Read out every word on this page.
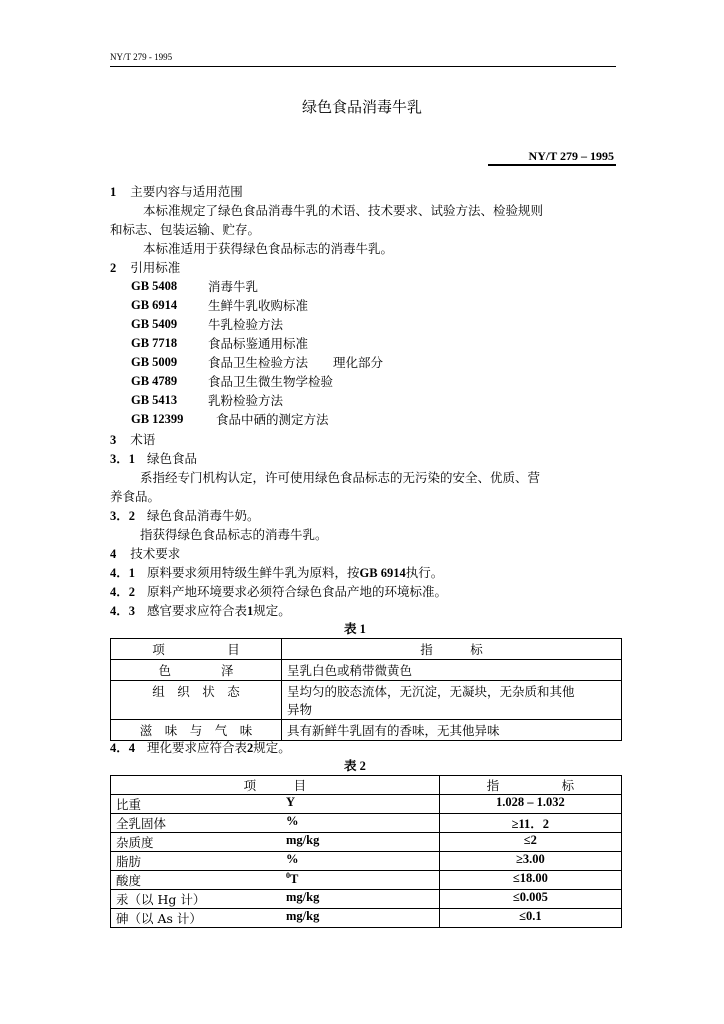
NY/T 279 - 1995
绿色食品消毒牛乳
NY/T 279 – 1995
1 主要内容与适用范围
本标准规定了绿色食品消毒牛乳的术语、技术要求、试验方法、检验规则
和标志、包装运输、贮存。
本标准适用于获得绿色食品标志的消毒牛乳。
2 引用标准
GB 5408 消毒牛乳
GB 6914 生鲜牛乳收购标准
GB 5409 牛乳检验方法
GB 7718 食品标鉴通用标准
GB 5009 食品卫生检验方法　　理化部分
GB 4789 食品卫生微生物学检验
GB 5413 乳粉检验方法
GB 12399	食品中硒的测定方法
3 术语
3．1 绿色食品
系指经专门机构认定，许可使用绿色食品标志的无污染的安全、优质、营
养食品。
3．2 绿色食品消毒牛奶。
指获得绿色食品标志的消毒牛乳。
4 技术要求
4．1 原料要求须用特级生鲜牛乳为原料，按GB 6914执行。
4．2 原料产地环境要求必须符合绿色食品产地的环境标准。
4．3 感官要求应符合表1规定。
表 1
项　　　　　目	指　　　标
色　　　　泽	呈乳白色或稍带微黄色
组　织　状　态	呈均匀的胶态流体，无沉淀，无凝块，无杂质和其他
异物
滋　味　与　气　味	具有新鲜牛乳固有的香味，无其他异味
4．4 理化要求应符合表2规定。
表 2
项　　　目		指　　　　　标
比重	Y	1.028 – 1.032
全乳固体	%	≥11．2
杂质度	mg/kg	≤2
脂肪	%	≥3.00
酸度	$^0$T	≤18.00
汞（以 Hg 计）	mg/kg	≤0.005
砷（以 As 计）	mg/kg	≤0.1
